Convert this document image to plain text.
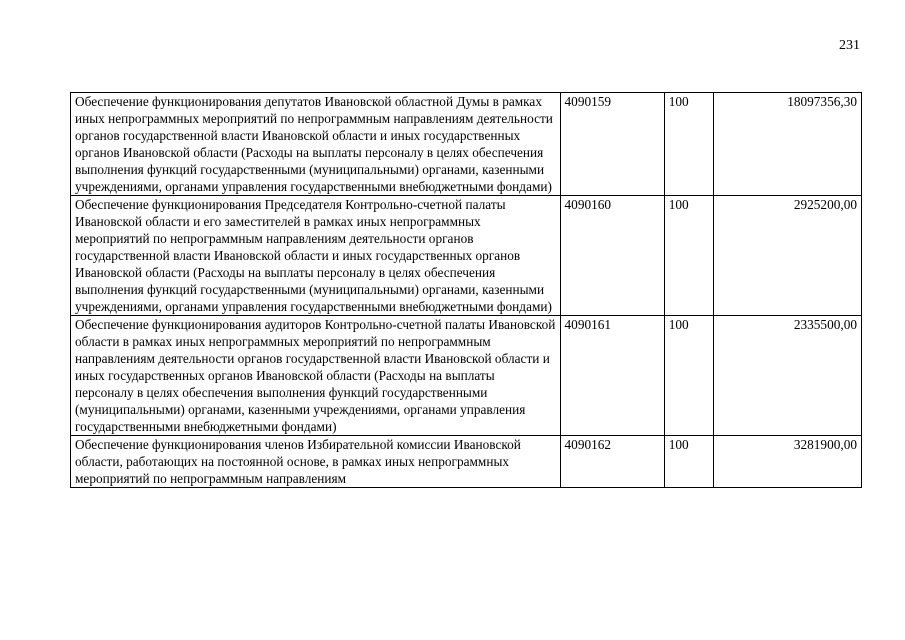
231
Обеспечение функционирования депутатов Ивановской областной Думы в рамках иных непрограммных мероприятий по непрограммным направлениям деятельности органов государственной власти Ивановской области и иных государственных органов Ивановской области (Расходы на выплаты персоналу в целях обеспечения выполнения функций государственными (муниципальными) органами, казенными учреждениями, органами управления государственными внебюджетными фондами)	4090159	100	18097356,30
Обеспечение функционирования Председателя Контрольно-счетной палаты Ивановской области и его заместителей в рамках иных непрограммных мероприятий по непрограммным направлениям деятельности органов государственной власти Ивановской области и иных государственных органов Ивановской области (Расходы на выплаты персоналу в целях обеспечения выполнения функций государственными (муниципальными) органами, казенными учреждениями, органами управления государственными внебюджетными фондами)	4090160	100	2925200,00
Обеспечение функционирования аудиторов Контрольно-счетной палаты Ивановской области в рамках иных непрограммных мероприятий по непрограммным направлениям деятельности органов государственной власти Ивановской области и иных государственных органов Ивановской области (Расходы на выплаты персоналу в целях обеспечения выполнения функций государственными (муниципальными) органами, казенными учреждениями, органами управления государственными внебюджетными фондами)	4090161	100	2335500,00
Обеспечение функционирования членов Избирательной комиссии Ивановской области, работающих на постоянной основе, в рамках иных непрограммных мероприятий по непрограммным направлениям	4090162	100	3281900,00
